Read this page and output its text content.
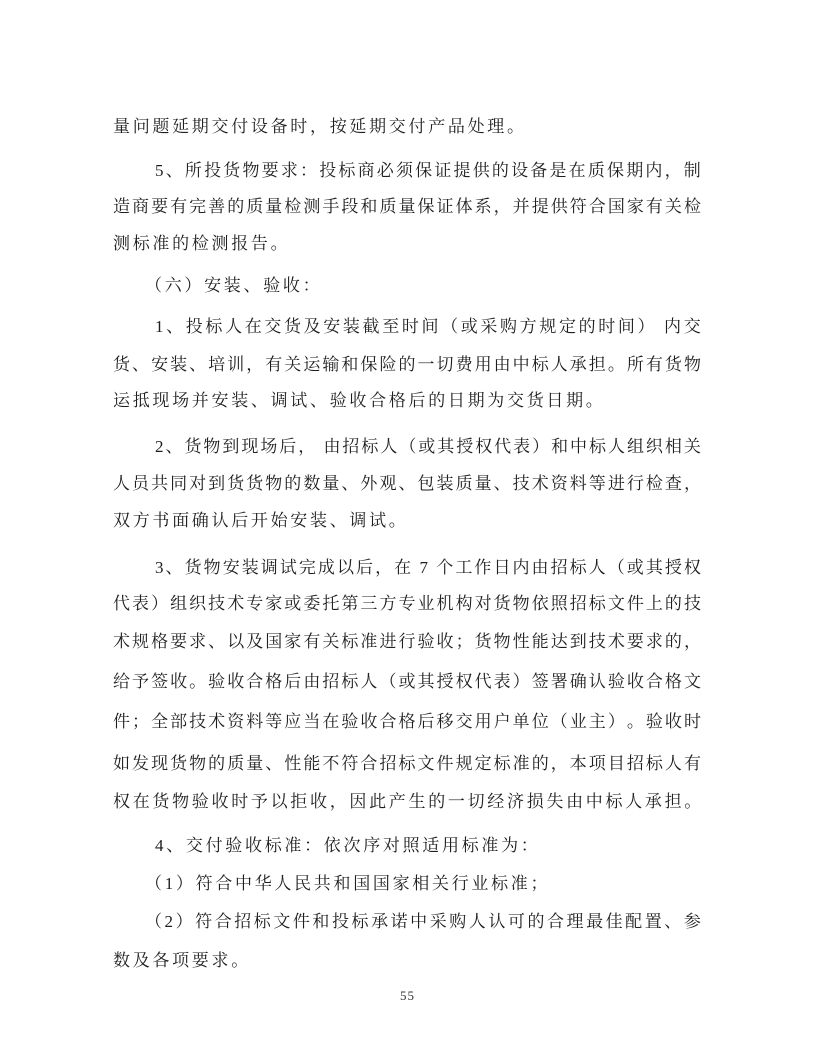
量问题延期交付设备时，按延期交付产品处理。
5 、 所 投 货 物 要 求 ： 投 标 商 必 须 保 证 提 供 的 设 备 是 在 质 保 期 内 ， 制
造 商 要 有 完 善 的 质 量 检 测 手 段 和 质 量 保 证 体 系 ， 并 提 供 符 合 国 家 有 关 检
测标准的检测报告。
（六）安装、验收：
1 、 投 标 人 在 交 货 及 安 装 截 至 时 间 （ 或 采 购 方 规 定 的 时 间 ）
内 交
货 、 安 装 、 培 训 ， 有 关 运 输 和 保 险 的 一 切 费 用 由 中 标 人 承 担 。 所 有 货 物
运抵现场并安装、调试、验收合格后的日期为交货日期。
2 、 货 物 到 现 场 后 ，
由 招 标 人 （ 或 其 授 权 代 表 ） 和 中 标 人 组 织 相 关
人 员 共 同 对 到 货 货 物 的 数 量 、 外 观 、 包 装 质 量 、 技 术 资 料 等 进 行 检 查 ，
双方书面确认后开始安装、调试。
3 、 货 物 安 装 调 试 完 成 以 后 ， 在
7
个 工 作 日 内 由 招 标 人 （ 或 其 授 权
代 表 ） 组 织 技 术 专 家 或 委 托 第 三 方 专 业 机 构 对 货 物 依 照 招 标 文 件 上 的 技
术 规 格 要 求 、 以 及 国 家 有 关 标 准 进 行 验 收 ； 货 物 性 能 达 到 技 术 要 求 的 ，
给 予 签 收 。 验 收 合 格 后 由 招 标 人 （ 或 其 授 权 代 表 ） 签 署 确 认 验 收 合 格 文
件 ； 全 部 技 术 资 料 等 应 当 在 验 收 合 格 后 移 交 用 户 单 位 （ 业 主 ） 。 验 收 时
如 发 现 货 物 的 质 量 、 性 能 不 符 合 招 标 文 件 规 定 标 准 的 ， 本 项 目 招 标 人 有
权在货物验收时予以拒收，因此产生的一切经济损失由中标人承担。
4、交付验收标准：依次序对照适用标准为：
（1）符合中华人民共和国国家相关行业标准；
（ 2 ） 符 合 招 标 文 件 和 投 标 承 诺 中 采 购 人 认 可 的 合 理 最 佳 配 置 、 参
数及各项要求。
55
